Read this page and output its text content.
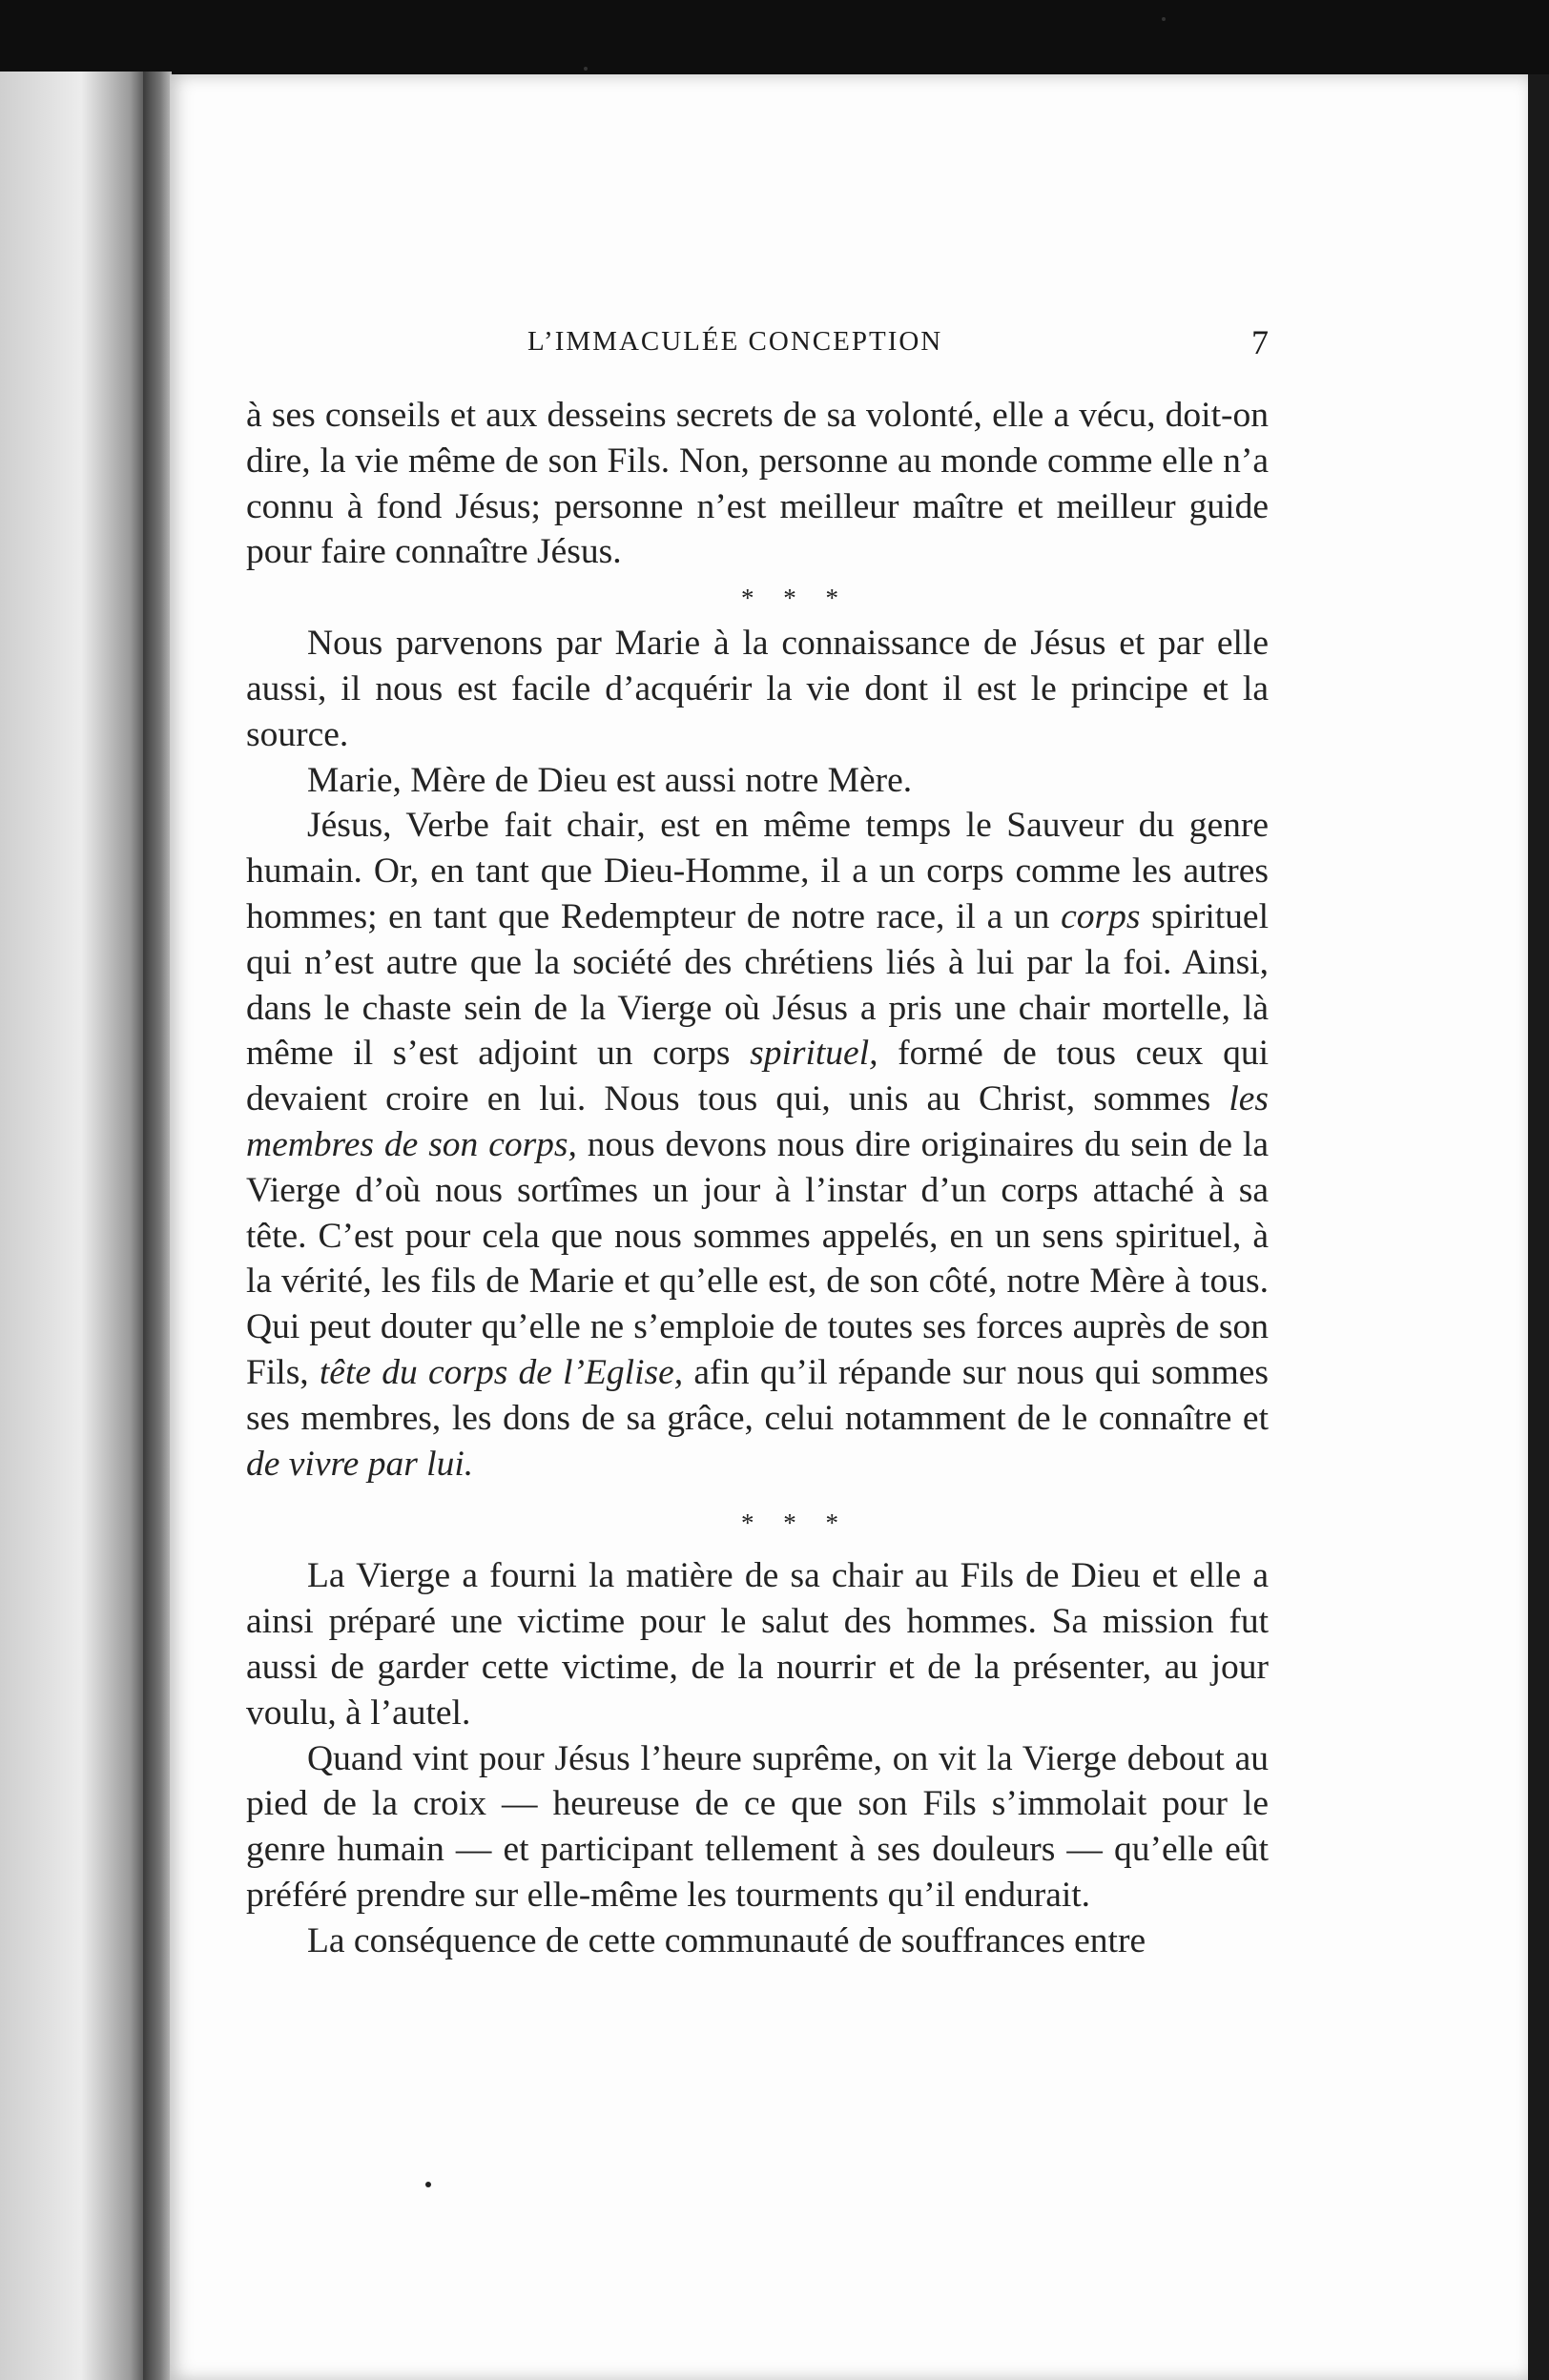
L’IMMACULÉE CONCEPTION	7

à ses conseils et aux desseins secrets de sa volonté, elle a vécu, doit-on dire, la vie même de son Fils. Non, personne au monde comme elle n’a connu à fond Jésus; personne n’est meilleur maître et meilleur guide pour faire connaître Jésus.

* * *

Nous parvenons par Marie à la connaissance de Jésus et par elle aussi, il nous est facile d’acquérir la vie dont il est le principe et la source.

Marie, Mère de Dieu est aussi notre Mère.

Jésus, Verbe fait chair, est en même temps le Sauveur du genre humain. Or, en tant que Dieu-Homme, il a un corps comme les autres hommes; en tant que Redempteur de notre race, il a un corps spirituel qui n’est autre que la société des chrétiens liés à lui par la foi. Ainsi, dans le chaste sein de la Vierge où Jésus a pris une chair mortelle, là même il s’est adjoint un corps spirituel, formé de tous ceux qui devaient croire en lui. Nous tous qui, unis au Christ, sommes les membres de son corps, nous devons nous dire originaires du sein de la Vierge d’où nous sortîmes un jour à l’instar d’un corps attaché à sa tête. C’est pour cela que nous sommes appelés, en un sens spirituel, à la vérité, les fils de Marie et qu’elle est, de son côté, notre Mère à tous. Qui peut douter qu’elle ne s’emploie de toutes ses forces auprès de son Fils, tête du corps de l’Eglise, afin qu’il répande sur nous qui sommes ses membres, les dons de sa grâce, celui notamment de le connaître et de vivre par lui.

* * *

La Vierge a fourni la matière de sa chair au Fils de Dieu et elle a ainsi préparé une victime pour le salut des hommes. Sa mission fut aussi de garder cette victime, de la nourrir et de la présenter, au jour voulu, à l’autel.

Quand vint pour Jésus l’heure suprême, on vit la Vierge debout au pied de la croix — heureuse de ce que son Fils s’immolait pour le genre humain — et participant tellement à ses douleurs — qu’elle eût préféré prendre sur elle-même les tourments qu’il endurait.

La conséquence de cette communauté de souffrances entre
